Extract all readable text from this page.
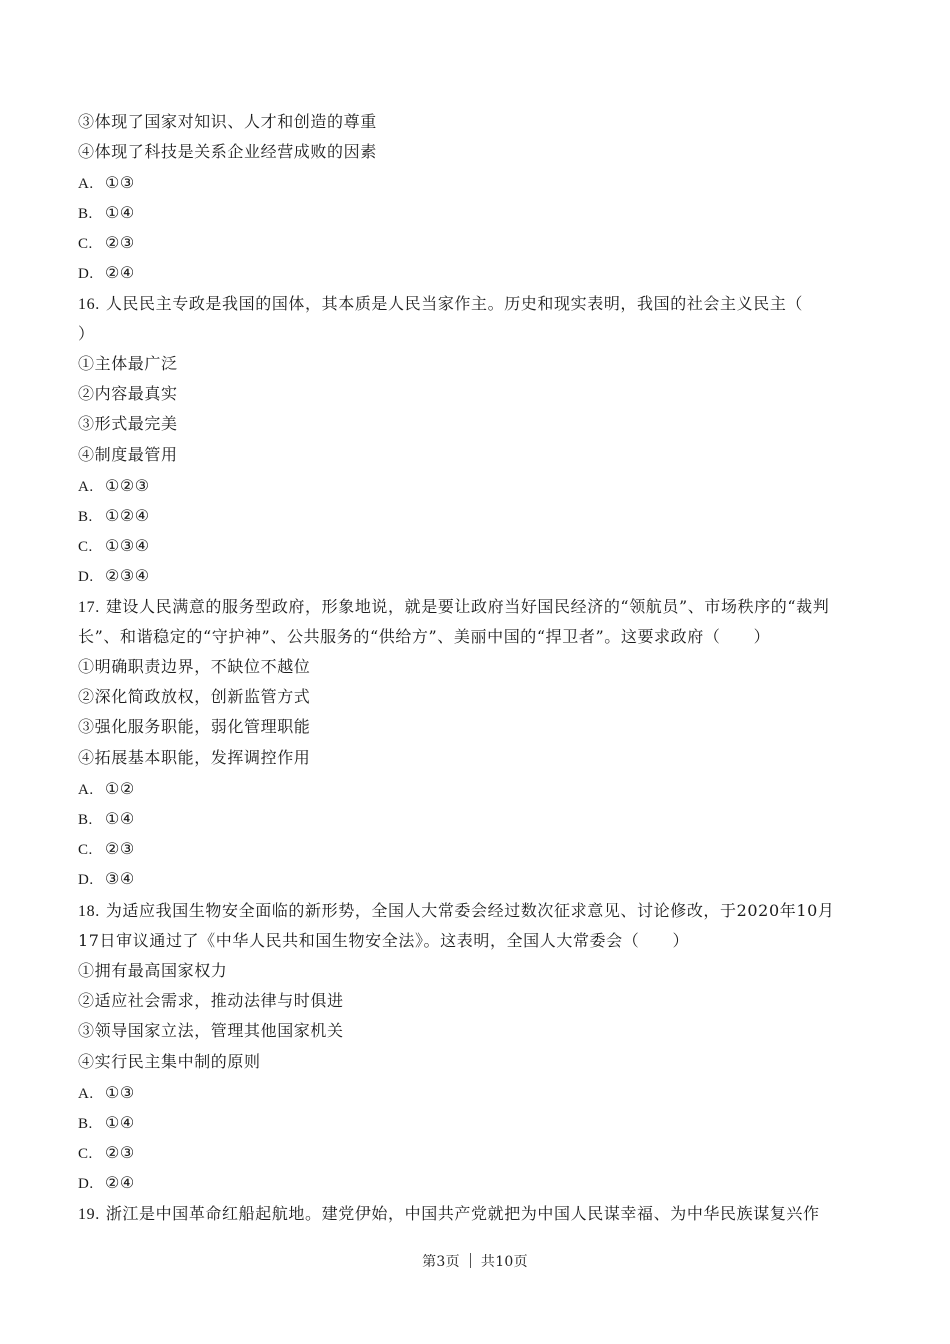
③体现了国家对知识、人才和创造的尊重
④体现了科技是关系企业经营成败的因素
A. ①③
B. ①④
C. ②③
D. ②④
16. 人民民主专政是我国的国体，其本质是人民当家作主。历史和现实表明，我国的社会主义民主（
）
①主体最广泛
②内容最真实
③形式最完美
④制度最管用
A. ①②③
B. ①②④
C. ①③④
D. ②③④
17. 建设人民满意的服务型政府，形象地说，就是要让政府当好国民经济的“领航员”、市场秩序的“裁判
长”、和谐稳定的“守护神”、公共服务的“供给方”、美丽中国的“捍卫者”。这要求政府（　　）
①明确职责边界，不缺位不越位
②深化简政放权，创新监管方式
③强化服务职能，弱化管理职能
④拓展基本职能，发挥调控作用
A. ①②
B. ①④
C. ②③
D. ③④
18. 为适应我国生物安全面临的新形势，全国人大常委会经过数次征求意见、讨论修改，于2020年10月
17日审议通过了《中华人民共和国生物安全法》。这表明，全国人大常委会（　　）
①拥有最高国家权力
②适应社会需求，推动法律与时俱进
③领导国家立法，管理其他国家机关
④实行民主集中制的原则
A. ①③
B. ①④
C. ②③
D. ②④
19. 浙江是中国革命红船起航地。建党伊始，中国共产党就把为中国人民谋幸福、为中华民族谋复兴作
第3页 共10页
